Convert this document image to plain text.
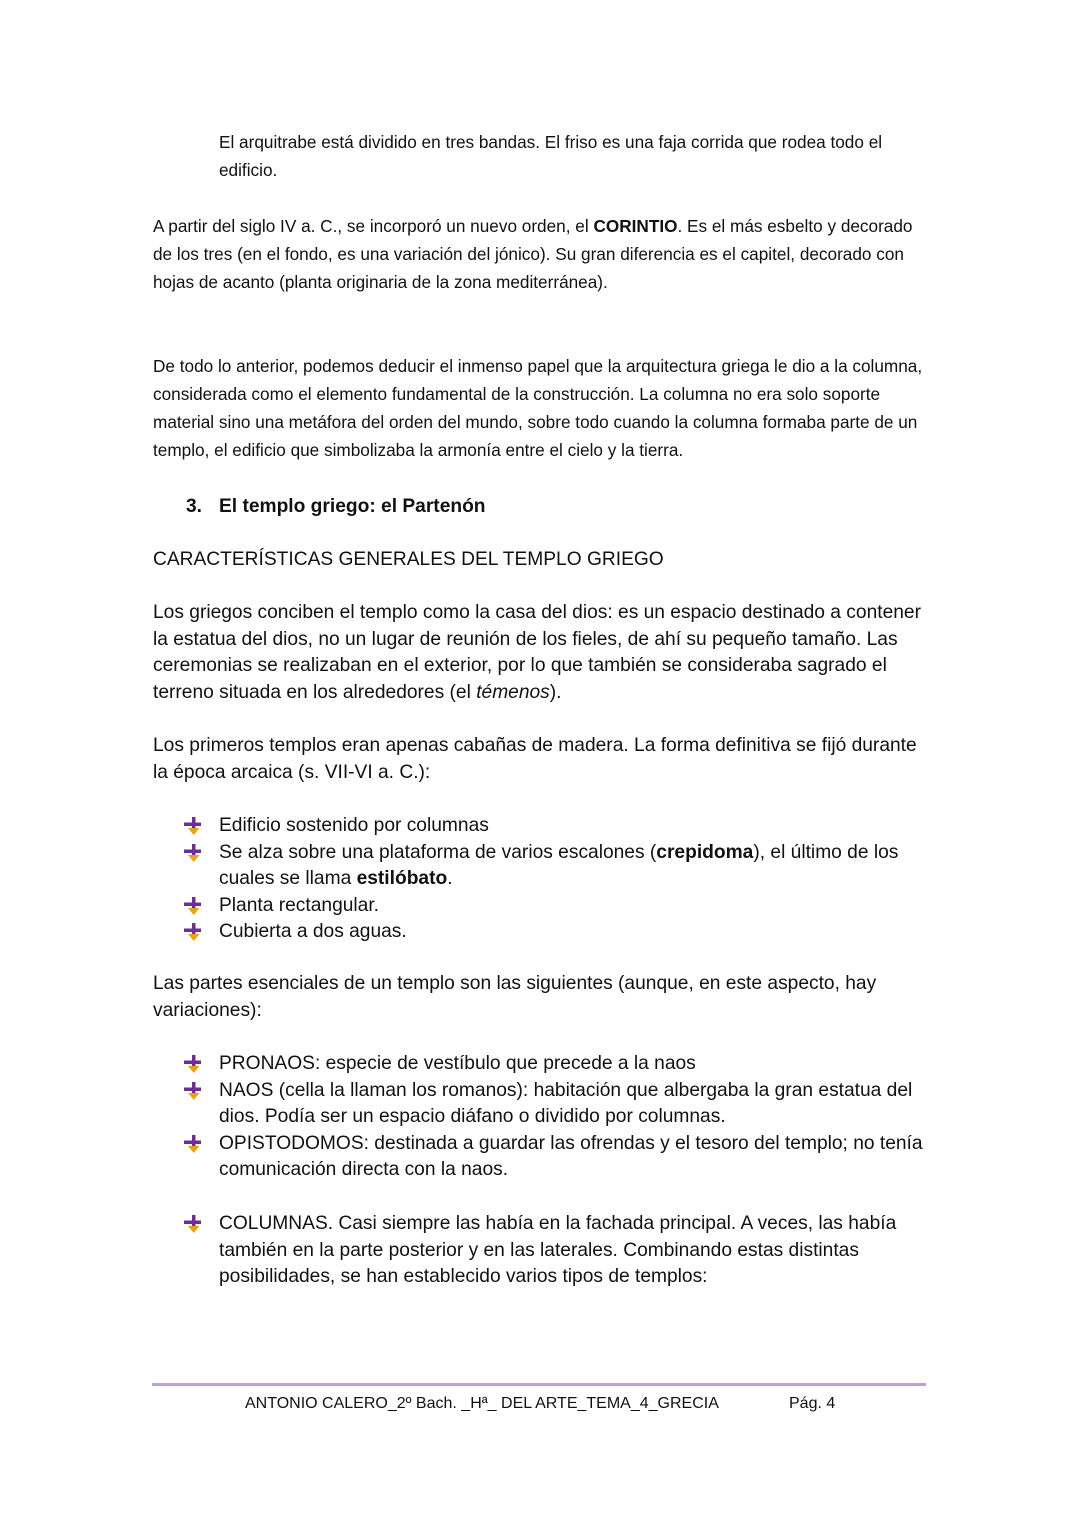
El arquitrabe está dividido en tres bandas. El friso es una faja corrida que rodea todo el edificio.

A partir del siglo IV a. C., se incorporó un nuevo orden, el CORINTIO. Es el más esbelto y decorado de los tres (en el fondo, es una variación del jónico). Su gran diferencia es el capitel, decorado con hojas de acanto (planta originaria de la zona mediterránea).

De todo lo anterior, podemos deducir el inmenso papel que la arquitectura griega le dio a la columna, considerada como el elemento fundamental de la construcción. La columna no era solo soporte material sino una metáfora del orden del mundo, sobre todo cuando la columna formaba parte de un templo, el edificio que simbolizaba la armonía entre el cielo y la tierra.

3. El templo griego: el Partenón
CARACTERÍSTICAS GENERALES DEL TEMPLO GRIEGO

Los griegos conciben el templo como la casa del dios: es un espacio destinado a contener la estatua del dios, no un lugar de reunión de los fieles, de ahí su pequeño tamaño. Las ceremonias se realizaban en el exterior, por lo que también se consideraba sagrado el terreno situada en los alrededores (el témenos).

Los primeros templos eran apenas cabañas de madera. La forma definitiva se fijó durante la época arcaica (s. VII-VI a. C.):

Edificio sostenido por columnas
Se alza sobre una plataforma de varios escalones (crepidoma), el último de los cuales se llama estilóbato.
Planta rectangular.
Cubierta a dos aguas.

Las partes esenciales de un templo son las siguientes (aunque, en este aspecto, hay variaciones):

PRONAOS: especie de vestíbulo que precede a la naos
NAOS (cella la llaman los romanos): habitación que albergaba la gran estatua del dios. Podía ser un espacio diáfano o dividido por columnas.
OPISTODOMOS: destinada a guardar las ofrendas y el tesoro del templo; no tenía comunicación directa con la naos.
COLUMNAS. Casi siempre las había en la fachada principal. A veces, las había también en la parte posterior y en las laterales. Combinando estas distintas posibilidades, se han establecido varios tipos de templos:
ANTONIO CALERO_2º Bach. _Hª_ DEL ARTE_TEMA_4_GRECIA	Pág. 4
